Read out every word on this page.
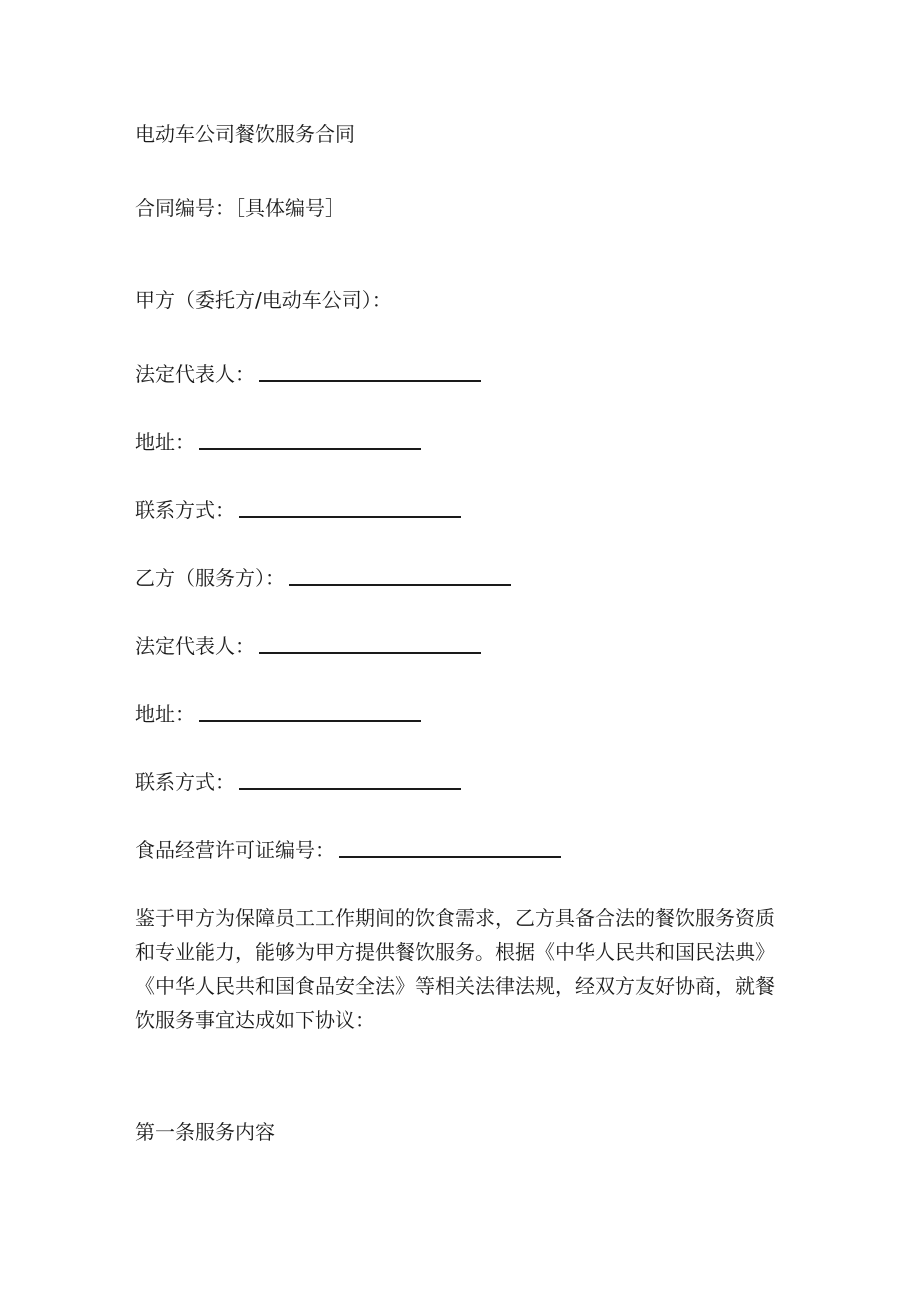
电动车公司餐饮服务合同
合同编号：［具体编号］
甲方（委托方/电动车公司）：
法定代表人：
地址：
联系方式：
乙方（服务方）：
法定代表人：
地址：
联系方式：
食品经营许可证编号：
鉴于甲方为保障员工工作期间的饮食需求，乙方具备合法的餐饮服务资质
和专业能力，能够为甲方提供餐饮服务。根据《中华人民共和国民法典》
《中华人民共和国食品安全法》等相关法律法规，经双方友好协商，就餐
饮服务事宜达成如下协议：
第一条服务内容
